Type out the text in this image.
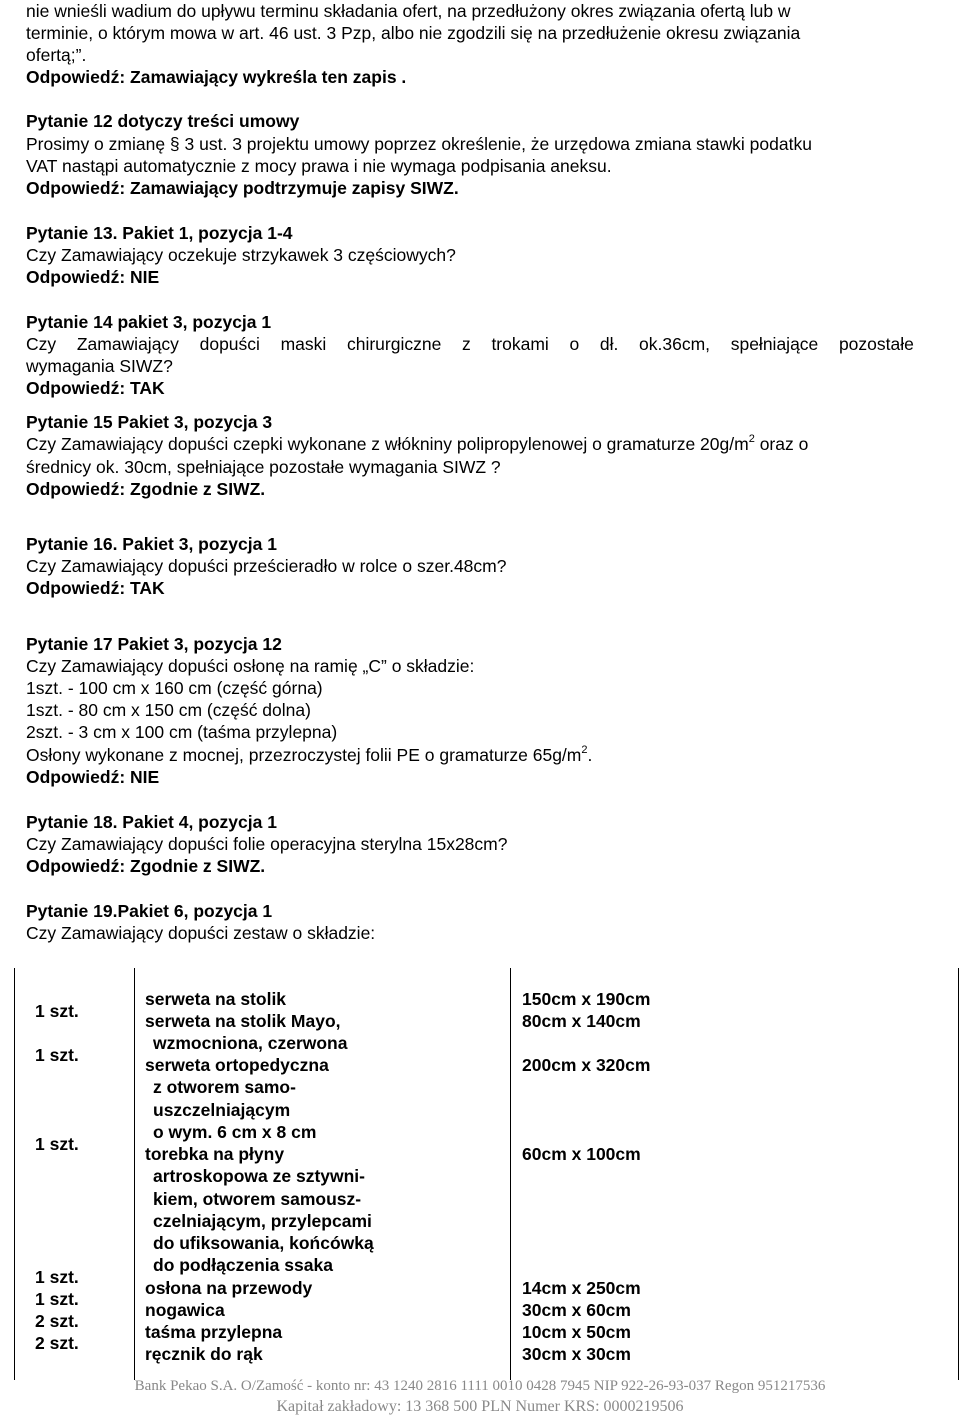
nie wnieśli wadium do upływu terminu składania ofert, na przedłużony okres związania ofertą lub w
terminie, o którym mowa w art. 46 ust. 3 Pzp, albo nie zgodzili się na przedłużenie okresu związania
ofertą;”.
Odpowiedź: Zamawiający wykreśla ten zapis .
Pytanie 12 dotyczy treści umowy
Prosimy o zmianę § 3 ust. 3 projektu umowy poprzez określenie, że urzędowa zmiana stawki podatku
VAT nastąpi automatycznie z mocy prawa i nie wymaga podpisania aneksu.
Odpowiedź: Zamawiający podtrzymuje zapisy SIWZ.
Pytanie 13. Pakiet 1, pozycja 1-4
Czy Zamawiający oczekuje strzykawek 3 częściowych?
Odpowiedź: NIE
Pytanie 14 pakiet 3, pozycja 1
Czy Zamawiający dopuści maski chirurgiczne z trokami o dł. ok.36cm, spełniające pozostałe
wymagania SIWZ?
Odpowiedź: TAK
Pytanie 15 Pakiet 3, pozycja 3
Czy Zamawiający dopuści czepki wykonane z włókniny polipropylenowej o gramaturze $20g/m^2$ oraz o
średnicy ok. 30cm, spełniające pozostałe wymagania SIWZ ?
Odpowiedź: Zgodnie z SIWZ.
Pytanie 16. Pakiet 3, pozycja 1
Czy Zamawiający dopuści prześcieradło w rolce o szer.48cm?
Odpowiedź: TAK
Pytanie 17 Pakiet 3, pozycja 12
Czy Zamawiający dopuści osłonę na ramię „C” o składzie:
1szt. - 100 cm x 160 cm (część górna)
1szt. - 80 cm x 150 cm (część dolna)
2szt. - 3 cm x 100 cm (taśma przylepna)
Osłony wykonane z mocnej, przezroczystej folii PE o gramaturze $65g/m^2$.
Odpowiedź: NIE
Pytanie 18. Pakiet 4, pozycja 1
Czy Zamawiający dopuści folie operacyjna sterylna 15x28cm?
Odpowiedź: Zgodnie z SIWZ.
Pytanie 19.Pakiet 6, pozycja 1
Czy Zamawiający dopuści zestaw o składzie:
1 szt.
1 szt.
1 szt.
1 szt.
1 szt.
2 szt.
2 szt.
serweta na stolik
serweta na stolik Mayo,
wzmocniona, czerwona
serweta ortopedyczna
z otworem samo-
uszczelniającym
o wym. 6 cm x 8 cm
torebka na płyny
artroskopowa ze sztywni-
kiem, otworem samousz-
czelniającym, przylepcami
do ufiksowania, końcówką
do podłączenia ssaka
osłona na przewody
nogawica
taśma przylepna
ręcznik do rąk
150cm x 190cm
80cm x 140cm
200cm x 320cm
60cm x 100cm
14cm x 250cm
30cm x 60cm
10cm x 50cm
30cm x 30cm
Bank Pekao S.A. O/Zamość - konto nr: 43 1240 2816 1111 0010 0428 7945 NIP 922-26-93-037 Regon 951217536
Kapitał zakładowy: 13 368 500 PLN Numer KRS: 0000219506
